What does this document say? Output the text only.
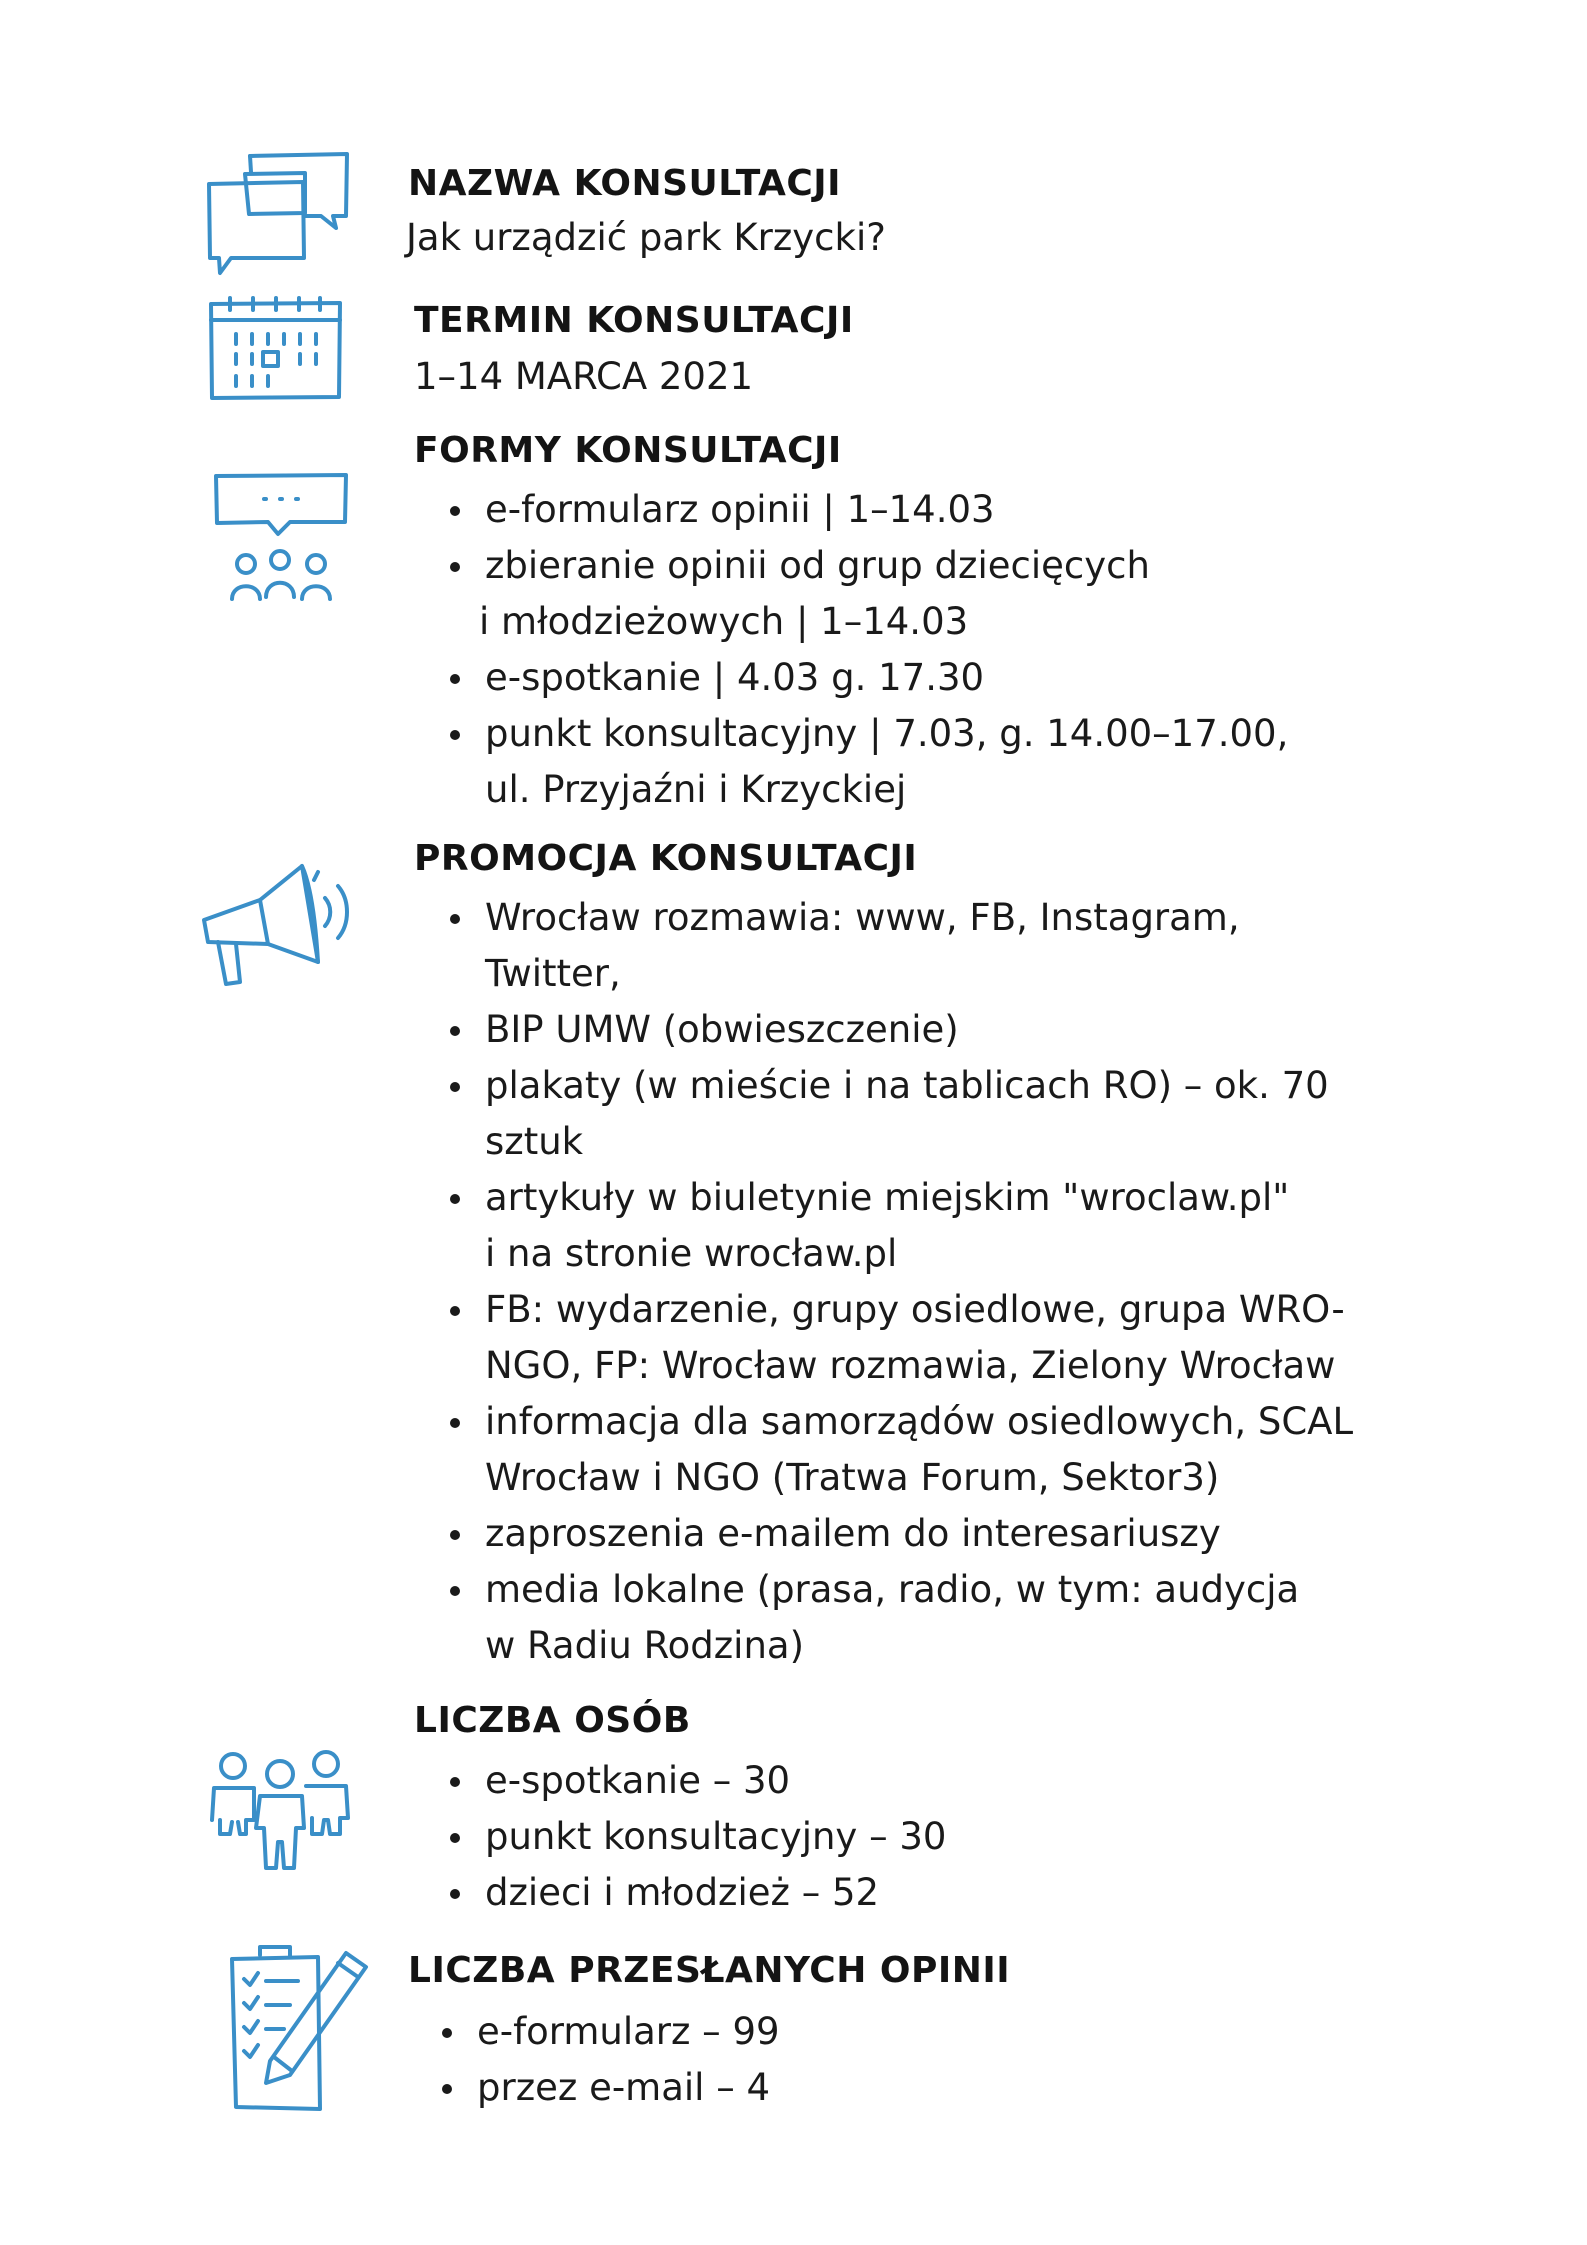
NAZWA KONSULTACJI

Jak urządzić park Krzycki?

TERMIN KONSULTACJI

1–14 MARCA 2021

FORMY KONSULTACJI
e-formularz opinii | 1–14.03
zbieranie opinii od grup dziecięcych
i młodzieżowych | 1–14.03
e-spotkanie | 4.03 g. 17.30
punkt konsultacyjny | 7.03, g. 14.00–17.00,
ul. Przyjaźni i Krzyckiej
PROMOCJA KONSULTACJI
Wrocław rozmawia: www, FB, Instagram,
Twitter,
BIP UMW (obwieszczenie)
plakaty (w mieście i na tablicach RO) – ok. 70
sztuk
artykuły w biuletynie miejskim "wroclaw.pl"
i na stronie wrocław.pl
FB: wydarzenie, grupy osiedlowe, grupa WRO-
NGO, FP: Wrocław rozmawia, Zielony Wrocław
informacja dla samorządów osiedlowych, SCAL
Wrocław i NGO (Tratwa Forum, Sektor3)
zaproszenia e-mailem do interesariuszy
media lokalne (prasa, radio, w tym: audycja
w Radiu Rodzina)
LICZBA OSÓB
e-spotkanie – 30
punkt konsultacyjny – 30
dzieci i młodzież – 52
LICZBA PRZESŁANYCH OPINII
e-formularz – 99
przez e-mail – 4
